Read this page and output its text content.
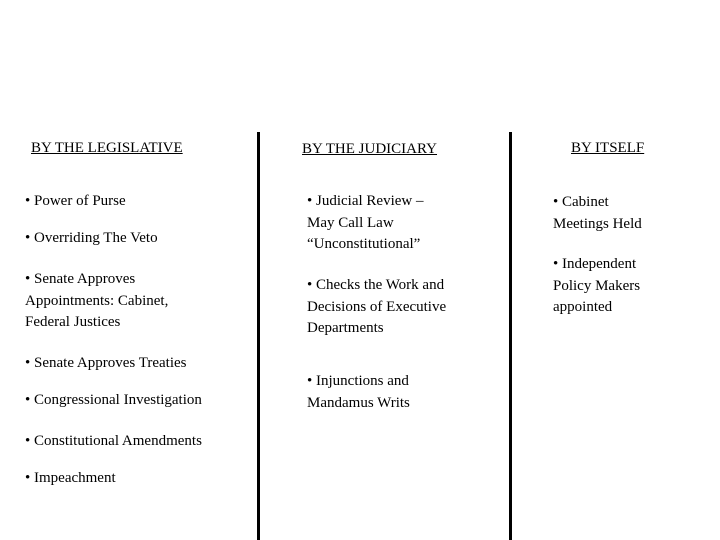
BY THE LEGISLATIVE	BY THE JUDICIARY	BY ITSELF
• Power of Purse
• Overriding The Veto
• Senate Approves
Appointments: Cabinet,
Federal Justices
• Senate Approves Treaties
• Congressional Investigation
• Constitutional Amendments
• Impeachment
• Judicial Review –
May Call Law
“Unconstitutional”
• Checks the Work and
Decisions of Executive
Departments
• Injunctions and
Mandamus Writs
• Cabinet
Meetings Held
• Independent
Policy Makers
appointed
